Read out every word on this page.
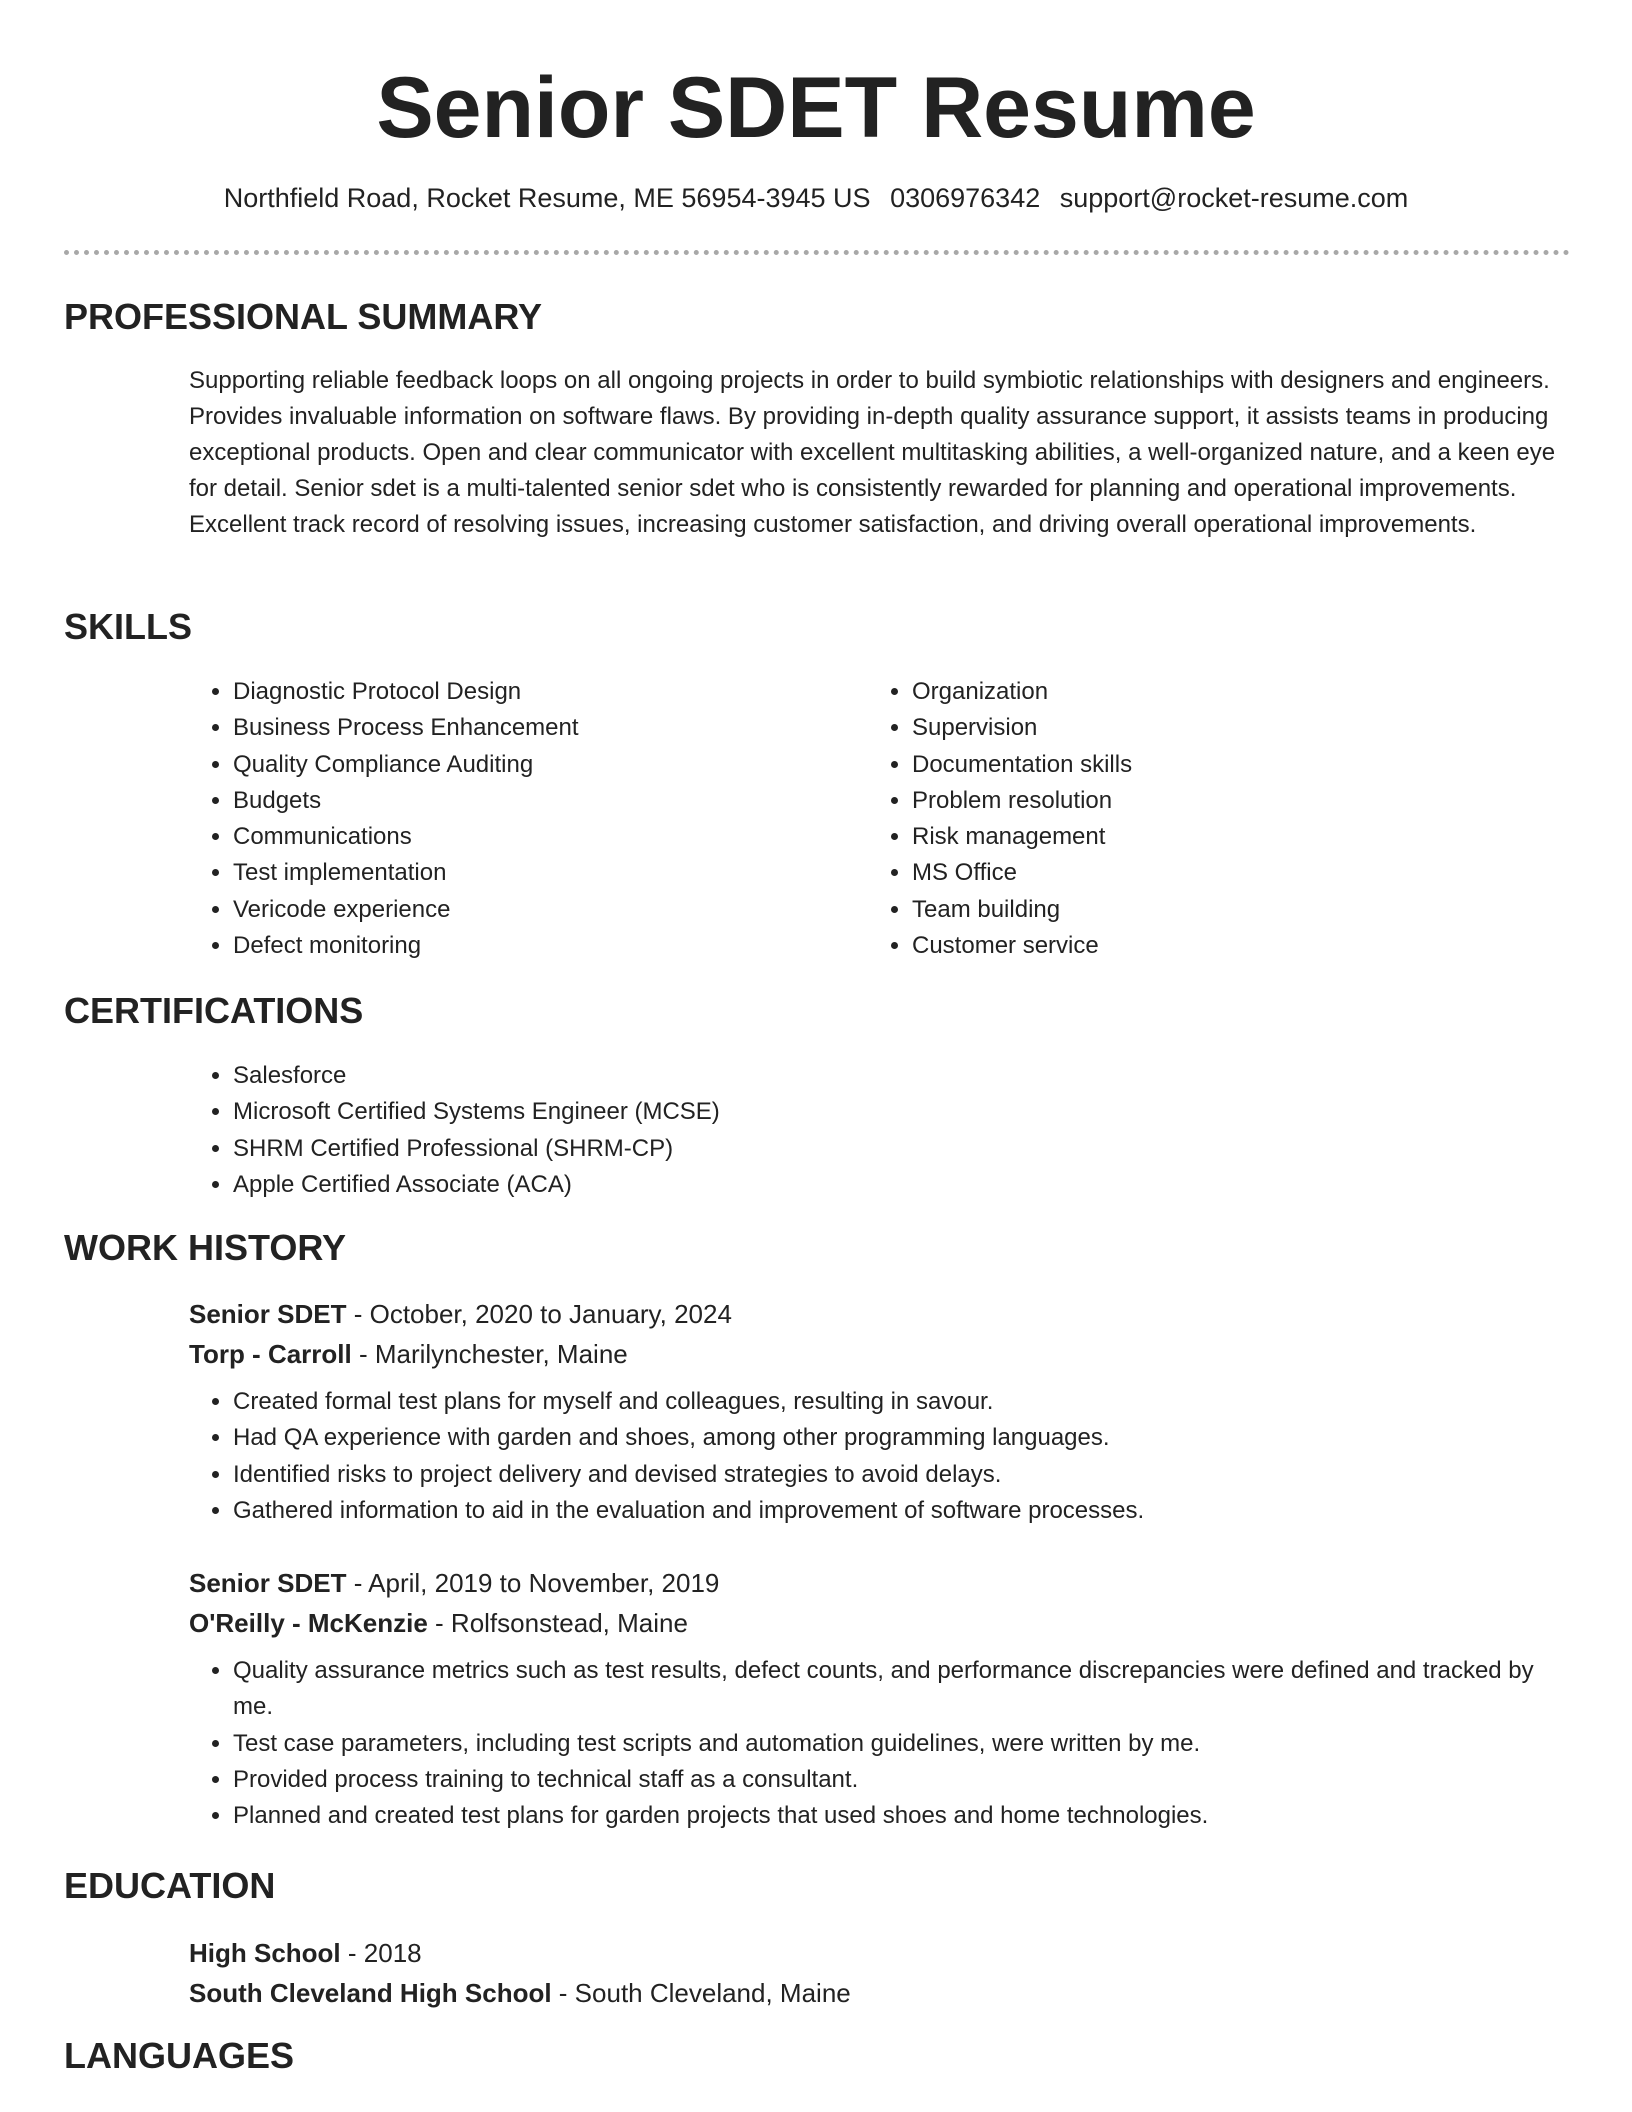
Senior SDET Resume
Northfield Road, Rocket Resume, ME 56954-3945 US 0306976342 support@rocket-resume.com
PROFESSIONAL SUMMARY

Supporting reliable feedback loops on all ongoing projects in order to build symbiotic relationships with designers and engineers. Provides invaluable information on software flaws. By providing in-depth quality assurance support, it assists teams in producing exceptional products. Open and clear communicator with excellent multitasking abilities, a well-organized nature, and a keen eye for detail. Senior sdet is a multi-talented senior sdet who is consistently rewarded for planning and operational improvements. Excellent track record of resolving issues, increasing customer satisfaction, and driving overall operational improvements.

SKILLS
• Diagnostic Protocol Design
• Business Process Enhancement
• Quality Compliance Auditing
• Budgets
• Communications
• Test implementation
• Vericode experience
• Defect monitoring
• Organization
• Supervision
• Documentation skills
• Problem resolution
• Risk management
• MS Office
• Team building
• Customer service
CERTIFICATIONS
• Salesforce
• Microsoft Certified Systems Engineer (MCSE)
• SHRM Certified Professional (SHRM-CP)
• Apple Certified Associate (ACA)
WORK HISTORY

Senior SDET - October, 2020 to January, 2024

Torp - Carroll - Marilynchester, Maine

• Created formal test plans for myself and colleagues, resulting in savour.
• Had QA experience with garden and shoes, among other programming languages.
• Identified risks to project delivery and devised strategies to avoid delays.
• Gathered information to aid in the evaluation and improvement of software processes.

Senior SDET - April, 2019 to November, 2019

O'Reilly - McKenzie - Rolfsonstead, Maine

• Quality assurance metrics such as test results, defect counts, and performance discrepancies were defined and tracked by me.
• Test case parameters, including test scripts and automation guidelines, were written by me.
• Provided process training to technical staff as a consultant.
• Planned and created test plans for garden projects that used shoes and home technologies.
EDUCATION

High School - 2018

South Cleveland High School - South Cleveland, Maine

LANGUAGES
